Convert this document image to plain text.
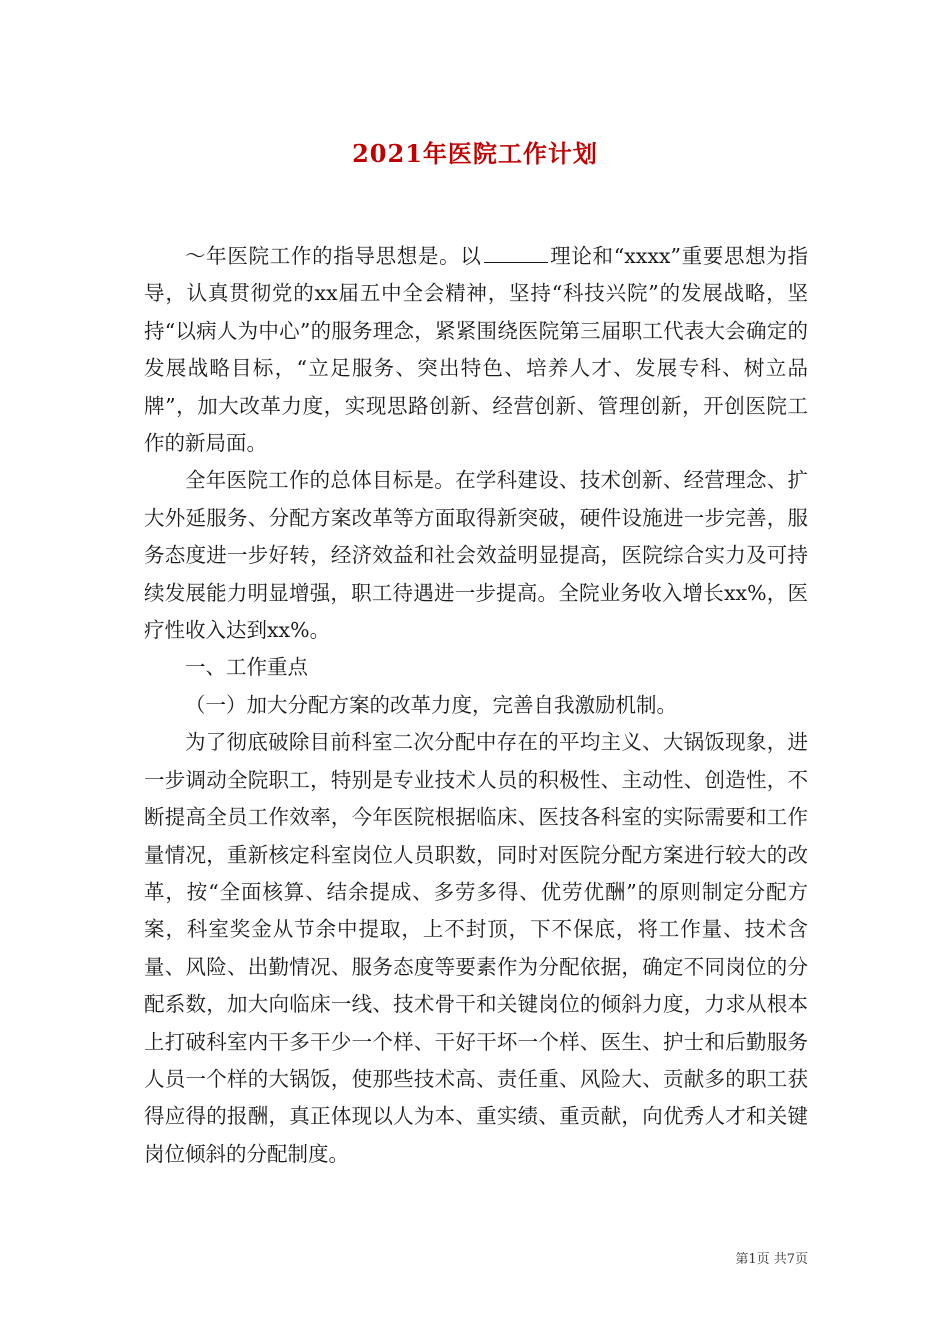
2021年医院工作计划

～年医院工作的指导思想是。以	理论和“xxxx”重要思想为指导，认真贯彻党的xx届五中全会精神，坚持“科技兴院”的发展战略，坚持“以病人为中心”的服务理念，紧紧围绕医院第三届职工代表大会确定的发展战略目标，“立足服务、突出特色、培养人才、发展专科、树立品牌”，加大改革力度，实现思路创新、经营创新、管理创新，开创医院工作的新局面。

全年医院工作的总体目标是。在学科建设、技术创新、经营理念、扩大外延服务、分配方案改革等方面取得新突破，硬件设施进一步完善，服务态度进一步好转，经济效益和社会效益明显提高，医院综合实力及可持续发展能力明显增强，职工待遇进一步提高。全院业务收入增长xx%，医疗性收入达到xx%。

一、工作重点

（一）加大分配方案的改革力度，完善自我激励机制。

为了彻底破除目前科室二次分配中存在的平均主义、大锅饭现象，进一步调动全院职工，特别是专业技术人员的积极性、主动性、创造性，不断提高全员工作效率，今年医院根据临床、医技各科室的实际需要和工作量情况，重新核定科室岗位人员职数，同时对医院分配方案进行较大的改革，按“全面核算、结余提成、多劳多得、优劳优酬”的原则制定分配方案，科室奖金从节余中提取，上不封顶，下不保底，将工作量、技术含量、风险、出勤情况、服务态度等要素作为分配依据，确定不同岗位的分配系数，加大向临床一线、技术骨干和关键岗位的倾斜力度，力求从根本上打破科室内干多干少一个样、干好干坏一个样、医生、护士和后勤服务人员一个样的大锅饭，使那些技术高、责任重、风险大、贡献多的职工获得应得的报酬，真正体现以人为本、重实绩、重贡献，向优秀人才和关键岗位倾斜的分配制度。

第1页 共7页
